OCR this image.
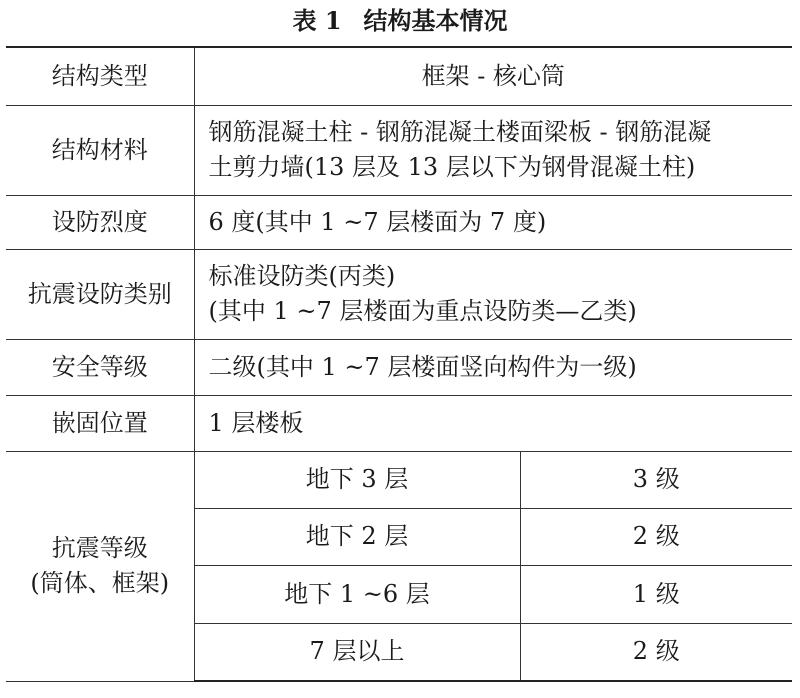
表 1 结构基本情况
结构类型	框架 - 核心筒	
结构材料	钢筋混凝土柱 - 钢筋混凝土楼面梁板 - 钢筋混凝
土剪力墙(13 层及 13 层以下为钢骨混凝土柱)	

设防烈度	6 度(其中 1 ~7 层楼面为 7 度)	
抗震设防类别	标准设防类(丙类)
(其中 1 ~7 层楼面为重点设防类—乙类)	

安全等级	二级(其中 1 ~7 层楼面竖向构件为一级)	
嵌固位置	1 层楼板	

抗震等级
(筒体、框架)	地下 3 层	3 级
	地下 2 层	2 级
	地下 1 ~6 层	1 级
	7 层以上	2 级
